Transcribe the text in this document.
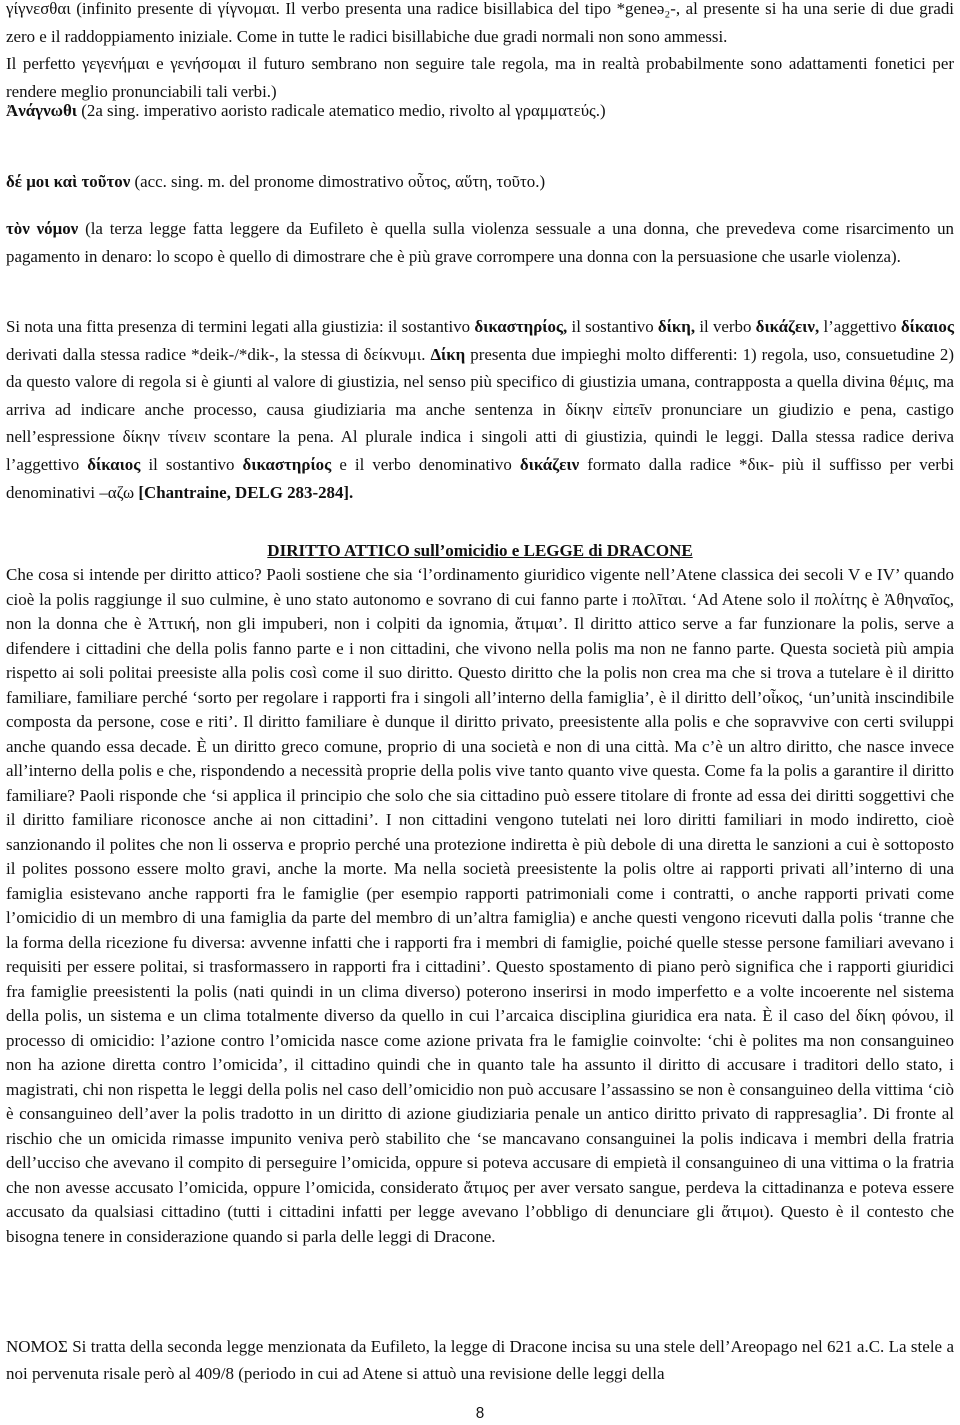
γίγνεσθαι (infinito presente di γίγνομαι. Il verbo presenta una radice bisillabica del tipo *geneə₂-, al presente si ha una serie di due gradi zero e il raddoppiamento iniziale. Come in tutte le radici bisillabiche due gradi normali non sono ammessi.

Il perfetto γεγενήμαι e γενήσομαι il futuro sembrano non seguire tale regola, ma in realtà probabilmente sono adattamenti fonetici per rendere meglio pronunciabili tali verbi.)

Ἀνάγνωθι (2a sing. imperativo aoristo radicale atematico medio, rivolto al γραμματεύς.)

δέ μοι καὶ τοῦτον (acc. sing. m. del pronome dimostrativo οὗτος, αὕτη, τοῦτο.)

τὸν νόμον (la terza legge fatta leggere da Eufileto è quella sulla violenza sessuale a una donna, che prevedeva come risarcimento un pagamento in denaro: lo scopo è quello di dimostrare che è più grave corrompere una donna con la persuasione che usarle violenza).

Si nota una fitta presenza di termini legati alla giustizia: il sostantivo δικαστηρίος, il sostantivo δίκη, il verbo δικάζειν, l’aggettivo δίκαιος derivati dalla stessa radice *deik-/*dik-, la stessa di δείκνυμι. Δίκη presenta due impieghi molto differenti: 1) regola, uso, consuetudine 2) da questo valore di regola si è giunti al valore di giustizia, nel senso più specifico di giustizia umana, contrapposta a quella divina θέμις, ma arriva ad indicare anche processo, causa giudiziaria ma anche sentenza in δίκην εἰπεῖν pronunciare un giudizio e pena, castigo nell’espressione δίκην τίνειν scontare la pena. Al plurale indica i singoli atti di giustizia, quindi le leggi. Dalla stessa radice deriva l’aggettivo δίκαιος il sostantivo δικαστηρίος e il verbo denominativo δικάζειν formato dalla radice *δικ- più il suffisso per verbi denominativi –αζω [Chantraine, DELG 283-284].

DIRITTO ATTICO sull’omicidio e LEGGE di DRACONE

Che cosa si intende per diritto attico? Paoli sostiene che sia ‘l’ordinamento giuridico vigente nell’Atene classica dei secoli V e IV’ quando cioè la polis raggiunge il suo culmine, è uno stato autonomo e sovrano di cui fanno parte i πολῖται. ‘Ad Atene solo il πολίτης è Ἀθηναῖος, non la donna che è Ἀττική, non gli impuberi, non i colpiti da ignomia, ἄτιμαι’. Il diritto attico serve a far funzionare la polis, serve a difendere i cittadini che della polis fanno parte e i non cittadini, che vivono nella polis ma non ne fanno parte. Questa società più ampia rispetto ai soli politai preesiste alla polis così come il suo diritto. Questo diritto che la polis non crea ma che si trova a tutelare è il diritto familiare, familiare perché ‘sorto per regolare i rapporti fra i singoli all’interno della famiglia’, è il diritto dell’οἶκος, ‘un’unità inscindibile composta da persone, cose e riti’. Il diritto familiare è dunque il diritto privato, preesistente alla polis e che sopravvive con certi sviluppi anche quando essa decade. È un diritto greco comune, proprio di una società e non di una città. Ma c’è un altro diritto, che nasce invece all’interno della polis e che, rispondendo a necessità proprie della polis vive tanto quanto vive questa. Come fa la polis a garantire il diritto familiare? Paoli risponde che ‘si applica il principio che solo che sia cittadino può essere titolare di fronte ad essa dei diritti soggettivi che il diritto familiare riconosce anche ai non cittadini’. I non cittadini vengono tutelati nei loro diritti familiari in modo indiretto, cioè sanzionando il polites che non li osserva e proprio perché una protezione indiretta è più debole di una diretta le sanzioni a cui è sottoposto il polites possono essere molto gravi, anche la morte. Ma nella società preesistente la polis oltre ai rapporti privati all’interno di una famiglia esistevano anche rapporti fra le famiglie (per esempio rapporti patrimoniali come i contratti, o anche rapporti privati come l’omicidio di un membro di una famiglia da parte del membro di un’altra famiglia) e anche questi vengono ricevuti dalla polis ‘tranne che la forma della ricezione fu diversa: avvenne infatti che i rapporti fra i membri di famiglie, poiché quelle stesse persone familiari avevano i requisiti per essere politai, si trasformassero in rapporti fra i cittadini’. Questo spostamento di piano però significa che i rapporti giuridici fra famiglie preesistenti la polis (nati quindi in un clima diverso) poterono inserirsi in modo imperfetto e a volte incoerente nel sistema della polis, un sistema e un clima totalmente diverso da quello in cui l’arcaica disciplina giuridica era nata. È il caso del δίκη φόνου, il processo di omicidio: l’azione contro l’omicida nasce come azione privata fra le famiglie coinvolte: ‘chi è polites ma non consanguineo non ha azione diretta contro l’omicida’, il cittadino quindi che in quanto tale ha assunto il diritto di accusare i traditori dello stato, i magistrati, chi non rispetta le leggi della polis nel caso dell’omicidio non può accusare l’assassino se non è consanguineo della vittima ‘ciò è consanguineo dell’aver la polis tradotto in un diritto di azione giudiziaria penale un antico diritto privato di rappresaglia’. Di fronte al rischio che un omicida rimasse impunito veniva però stabilito che ‘se mancavano consanguinei la polis indicava i membri della fratria dell’ucciso che avevano il compito di perseguire l’omicida, oppure si poteva accusare di empietà il consanguineo di una vittima o la fratria che non avesse accusato l’omicida, oppure l’omicida, considerato ἄτιμος per aver versato sangue, perdeva la cittadinanza e poteva essere accusato da qualsiasi cittadino (tutti i cittadini infatti per legge avevano l’obbligo di denunciare gli ἄτιμοι). Questo è il contesto che bisogna tenere in considerazione quando si parla delle leggi di Dracone.

ΝΟΜΟΣ Si tratta della seconda legge menzionata da Eufileto, la legge di Dracone incisa su una stele dell’Areopago nel 621 a.C. La stele a noi pervenuta risale però al 409/8 (periodo in cui ad Atene si attuò una revisione delle leggi della

8
